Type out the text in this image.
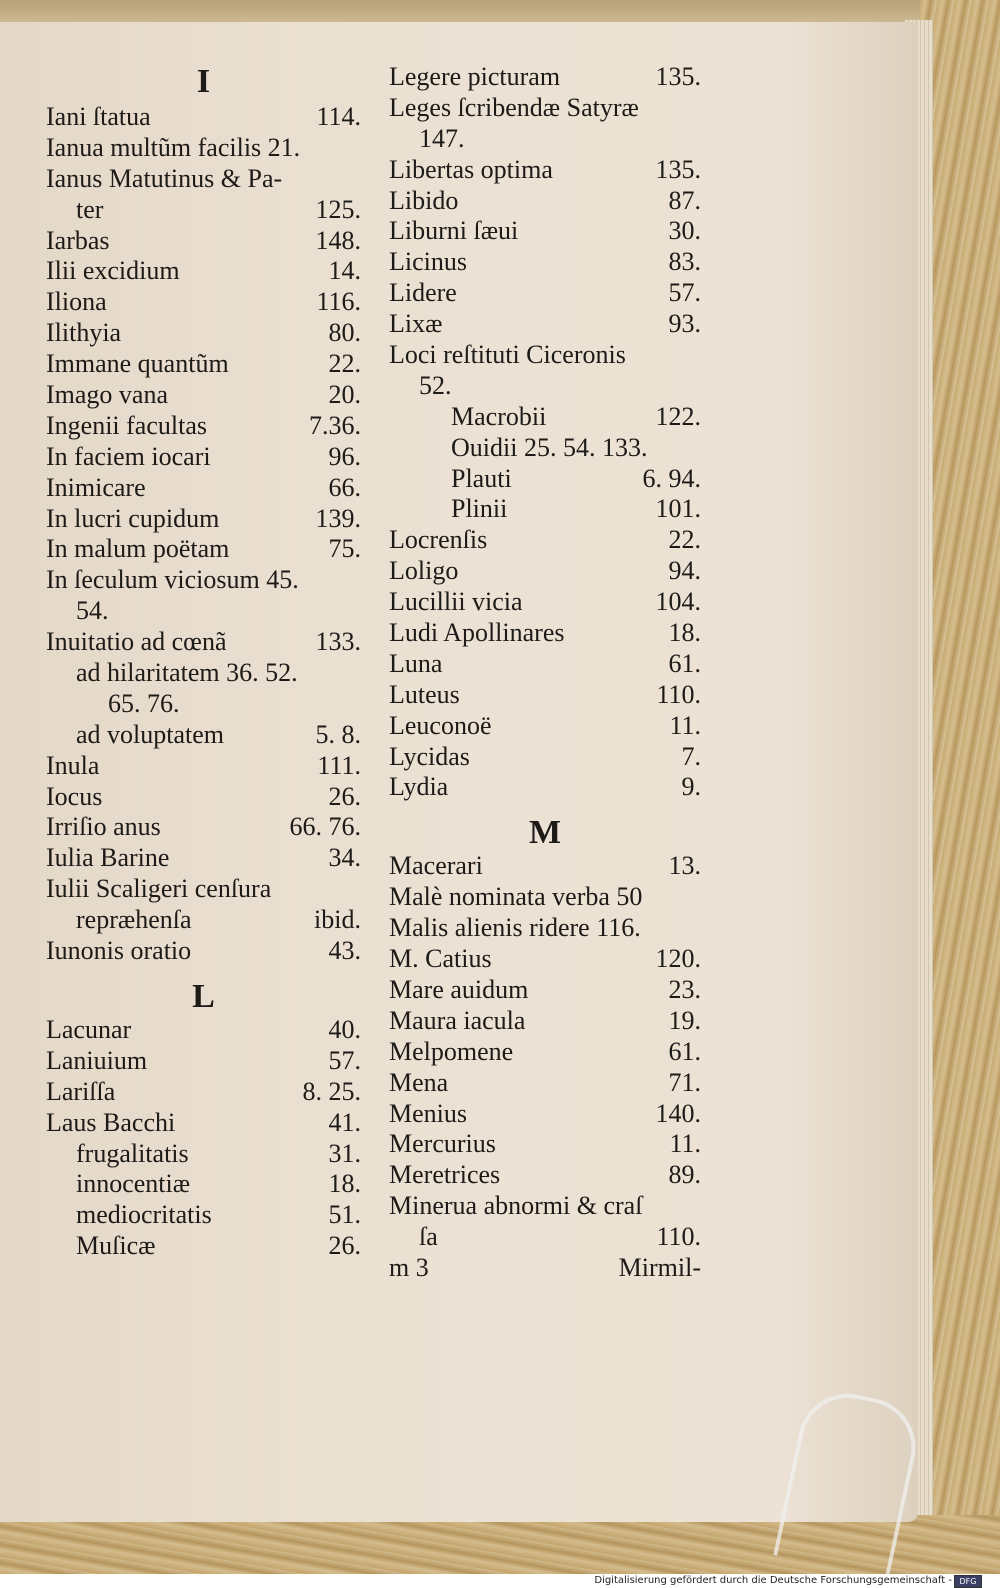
I
Iani ſtatua	114.
Ianua multũm facilis 21.
Ianus Matutinus & Pa-
ter	125.
Iarbas	148.
Ilii excidium	14.
Iliona	116.
Ilithyia	80.
Immane quantũm	22.
Imago vana	20.
Ingenii facultas	7.36.
In faciem iocari	96.
Inimicare	66.
In lucri cupidum	139.
In malum poëtam	75.
In ſeculum viciosum 45.
54.
Inuitatio ad cœnã	133.
ad hilaritatem 36. 52.
65. 76.
ad voluptatem	5. 8.
Inula	111.
Iocus	26.
Irriſio anus	66. 76.
Iulia Barine	34.
Iulii Scaligeri cenſura
repræhenſa	ibid.
Iunonis oratio	43.
L
Lacunar	40.
Laniuium	57.
Lariſſa	8. 25.
Laus Bacchi	41.
frugalitatis	31.
innocentiæ	18.
mediocritatis	51.
Muſicæ	26.
Legere picturam	135.
Leges ſcribendæ Satyræ
147.
Libertas optima	135.
Libido	87.
Liburni ſæui	30.
Licinus	83.
Lidere	57.
Lixæ	93.
Loci reſtituti Ciceronis
52.
Macrobii	122.
Ouidii 25. 54. 133.
Plauti	6. 94.
Plinii	101.
Locrenſis	22.
Loligo	94.
Lucillii vicia	104.
Ludi Apollinares	18.
Luna	61.
Luteus	110.
Leuconoë	11.
Lycidas	7.
Lydia	9.
M
Macerari	13.
Malè nominata verba 50
Malis alienis ridere 116.
M. Catius	120.
Mare auidum	23.
Maura iacula	19.
Melpomene	61.
Mena	71.
Menius	140.
Mercurius	11.
Meretrices	89.
Minerua abnormi & craſ
ſa	110.
m 3	Mirmil-
Digitalisierung gefördert durch die Deutsche Forschungsgemeinschaft - DFG
